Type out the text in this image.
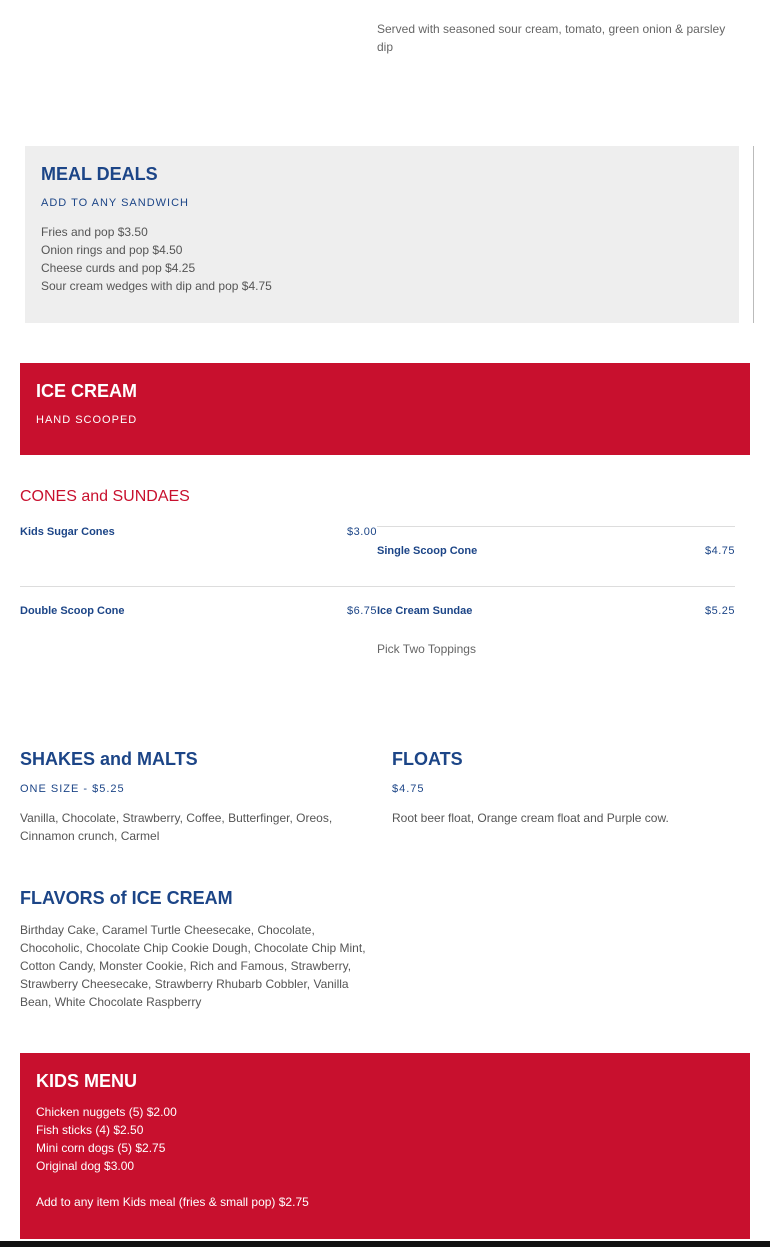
Served with seasoned sour cream, tomato, green onion & parsley dip
MEAL DEALS
ADD TO ANY SANDWICH
Fries and pop $3.50
Onion rings and pop $4.50
Cheese curds and pop $4.25
Sour cream wedges with dip and pop $4.75
ICE CREAM
HAND SCOOPED
CONES and SUNDAES
Kids Sugar Cones	$3.00
Single Scoop Cone	$4.75
Double Scoop Cone	$6.75 Ice Cream Sundae	$5.25
Pick Two Toppings
SHAKES and MALTS
ONE SIZE - $5.25
Vanilla, Chocolate, Strawberry, Coffee, Butterfinger, Oreos, Cinnamon crunch, Carmel
FLOATS
$4.75
Root beer float, Orange cream float and Purple cow.
FLAVORS of ICE CREAM
Birthday Cake, Caramel Turtle Cheesecake, Chocolate, Chocoholic, Chocolate Chip Cookie Dough, Chocolate Chip Mint, Cotton Candy, Monster Cookie, Rich and Famous, Strawberry, Strawberry Cheesecake, Strawberry Rhubarb Cobbler, Vanilla Bean, White Chocolate Raspberry
KIDS MENU
Chicken nuggets (5) $2.00
Fish sticks (4) $2.50
Mini corn dogs (5) $2.75
Original dog $3.00
Add to any item Kids meal (fries & small pop) $2.75
